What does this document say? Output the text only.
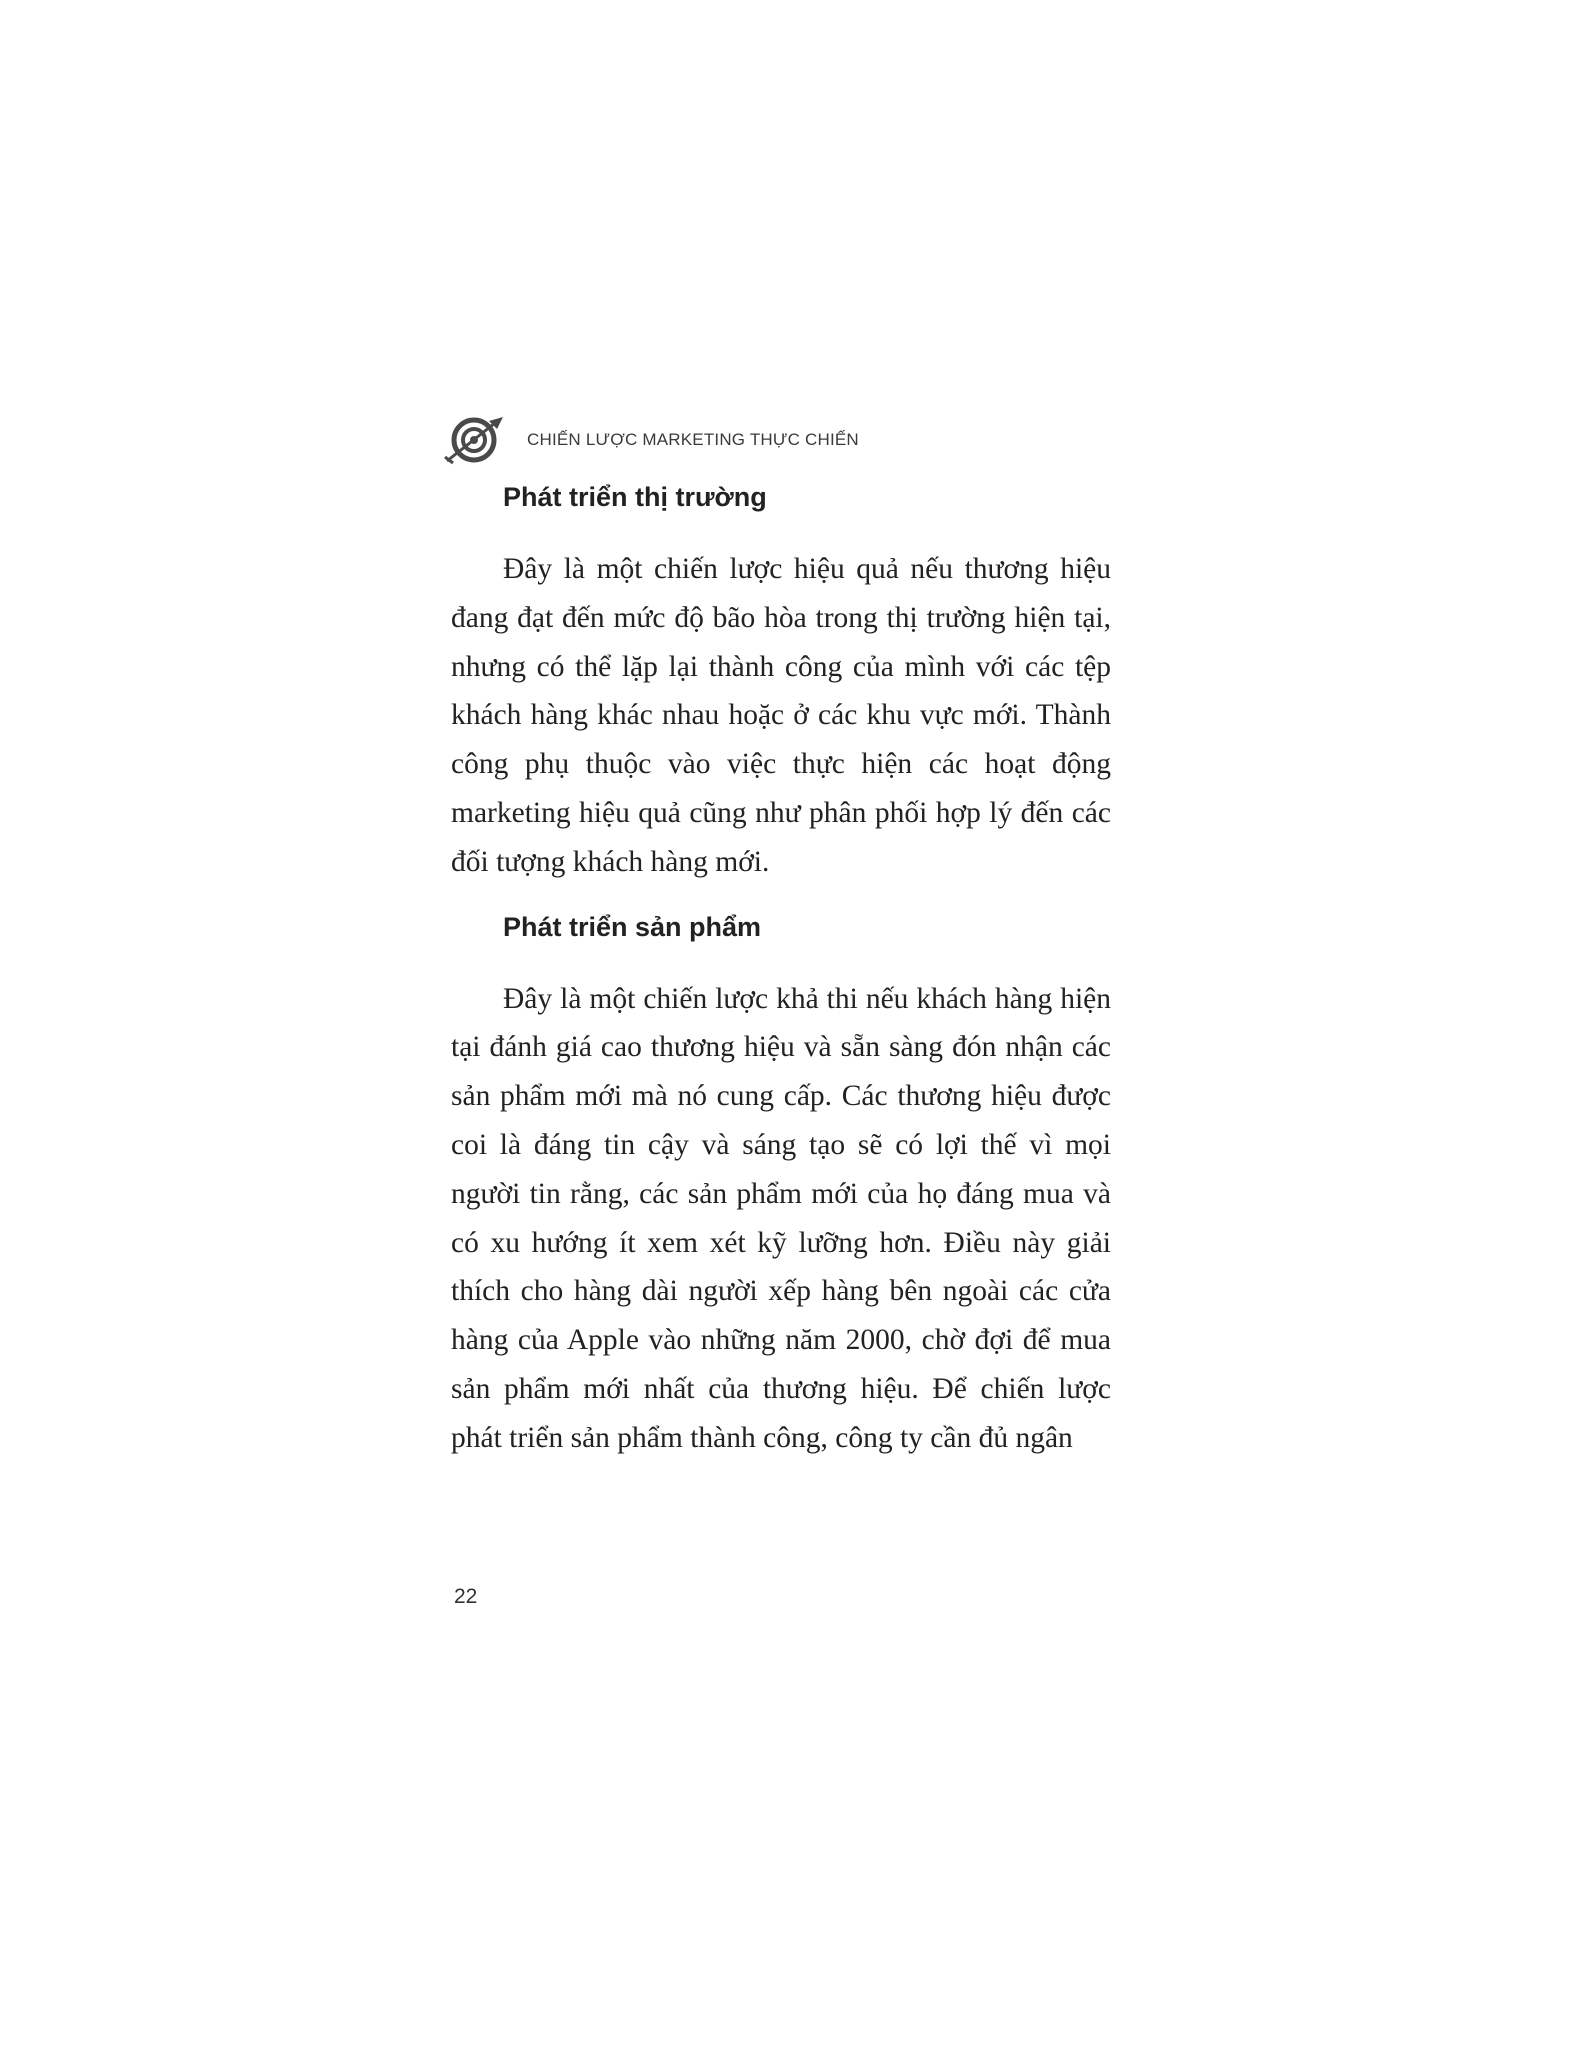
CHIẾN LƯỢC MARKETING THỰC CHIẾN
Phát triển thị trường

Đây là một chiến lược hiệu quả nếu thương hiệu đang đạt đến mức độ bão hòa trong thị trường hiện tại, nhưng có thể lặp lại thành công của mình với các tệp khách hàng khác nhau hoặc ở các khu vực mới. Thành công phụ thuộc vào việc thực hiện các hoạt động marketing hiệu quả cũng như phân phối hợp lý đến các đối tượng khách hàng mới.

Phát triển sản phẩm

Đây là một chiến lược khả thi nếu khách hàng hiện tại đánh giá cao thương hiệu và sẵn sàng đón nhận các sản phẩm mới mà nó cung cấp. Các thương hiệu được coi là đáng tin cậy và sáng tạo sẽ có lợi thế vì mọi người tin rằng, các sản phẩm mới của họ đáng mua và có xu hướng ít xem xét kỹ lưỡng hơn. Điều này giải thích cho hàng dài người xếp hàng bên ngoài các cửa hàng của Apple vào những năm 2000, chờ đợi để mua sản phẩm mới nhất của thương hiệu. Để chiến lược phát triển sản phẩm thành công, công ty cần đủ ngân

22
